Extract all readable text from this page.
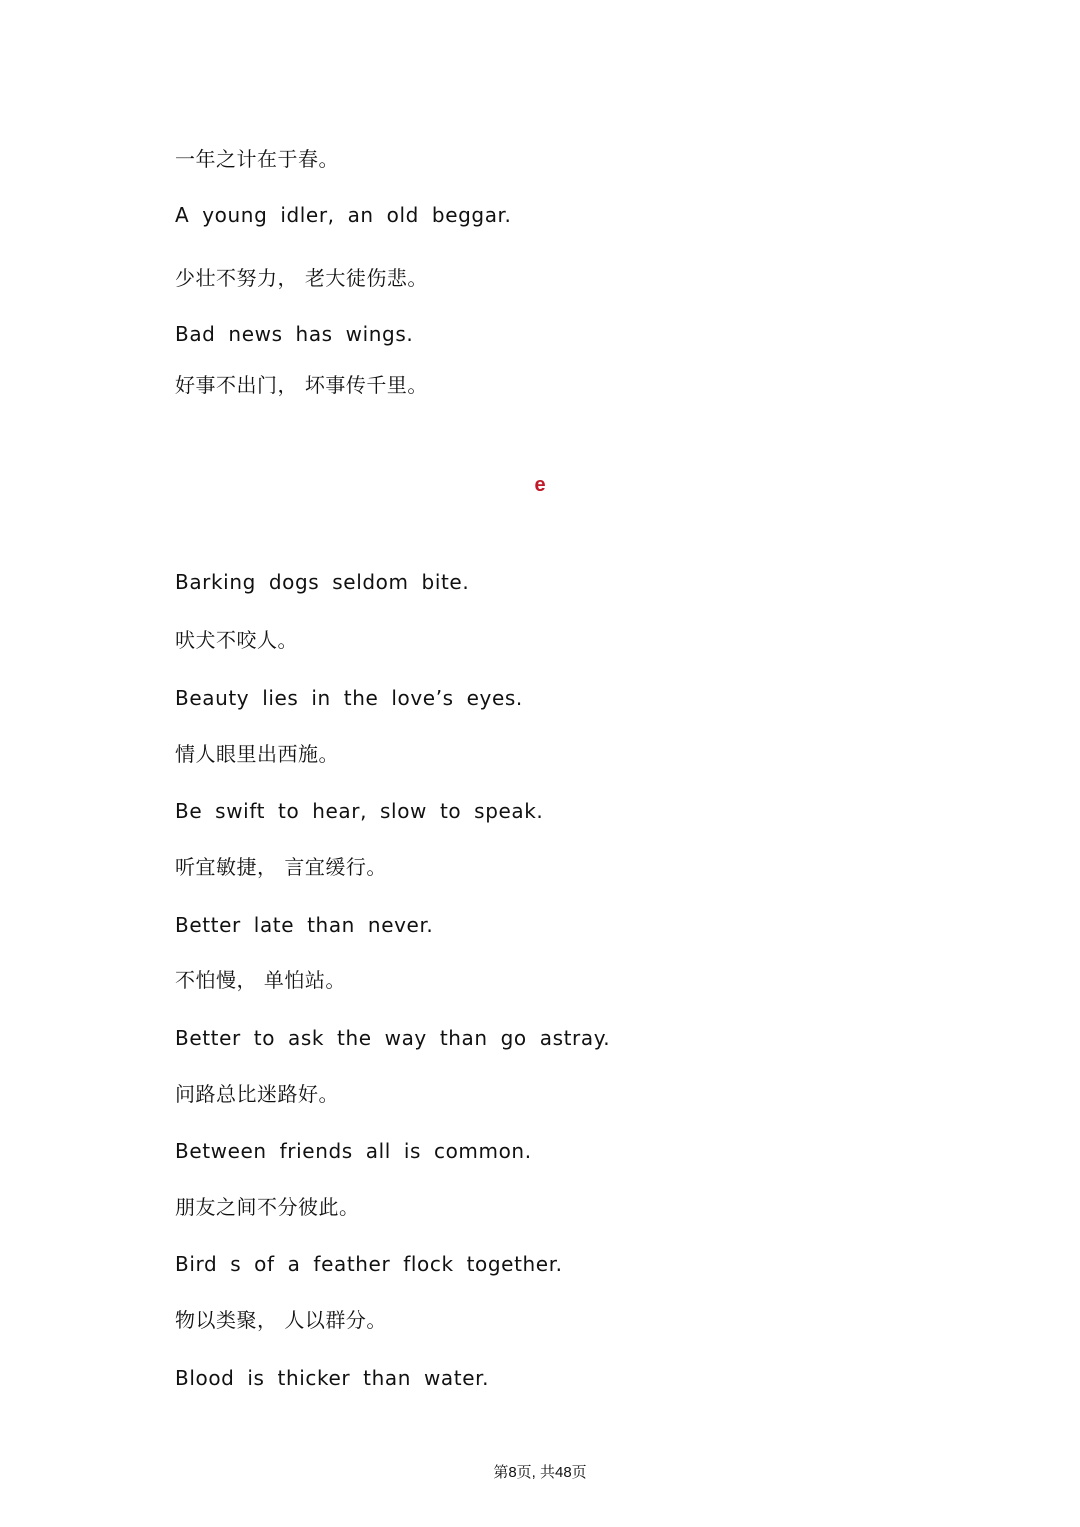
一年之计在于春。
A young idler, an old beggar.
少壮不努力， 老大徒伤悲。
Bad news has wings.
好事不出门， 坏事传千里。
e
Barking dogs seldom bite.
吠犬不咬人。
Beauty lies in the love’s eyes.
情人眼里出西施。
Be swift to hear, slow to speak.
听宜敏捷， 言宜缓行。
Better late than never.
不怕慢， 单怕站。
Better to ask the way than go astray.
问路总比迷路好。
Between friends all is common.
朋友之间不分彼此。
Bird s of a feather flock together.
物以类聚， 人以群分。
Blood is thicker than water.
第8页, 共48页
